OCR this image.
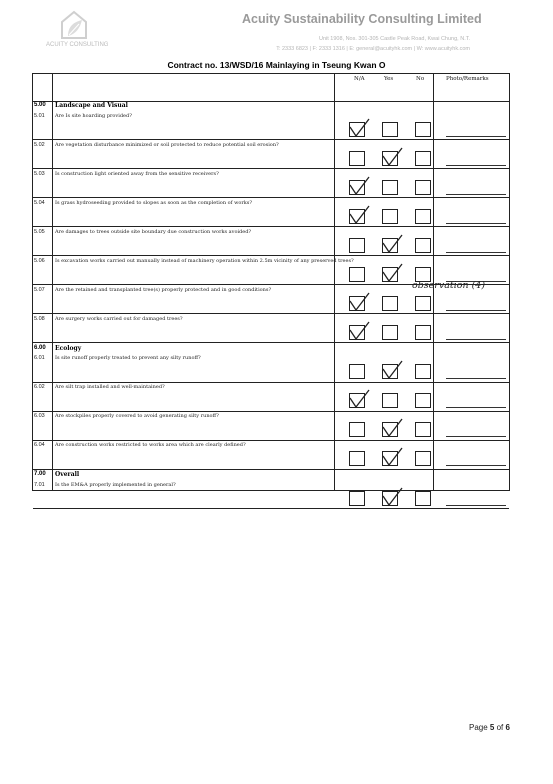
ACUITY CONSULTING
Acuity Sustainability Consulting Limited
Unit 1908, Nos. 301-305 Castle Peak Road, Kwai Chung, N.T.
T: 2333 6823 | F: 2333 1316 | E: general@acuityhk.com | W: www.acuityhk.com
Contract no. 13/WSD/16 Mainlaying in Tseung Kwan O
N/A	Yes	No	Photo/Remarks
5.00 Landscape and Visual
5.01 Are Is site hoarding provided?
5.02 Are vegetation disturbance minimized or soil protected to reduce potential soil erosion?
5.03 Is construction light oriented away from the sensitive receivers?
5.04 Is grass hydroseeding provided to slopes as soon as the completion of works?
5.05 Are damages to trees outside site boundary due construction works avoided?
5.06 Is excavation works carried out manually instead of machinery operation within 2.5m vicinity of any preserved trees?
5.07 Are the retained and transplanted tree(s) properly protected and in good conditions?
5.08 Are surgery works carried out for damaged trees?
6.00 Ecology
6.01 Is site runoff properly treated to prevent any silty runoff?
6.02 Are silt trap installed and well-maintained?
6.03 Are stockpiles properly covered to avoid generating silty runoff?
6.04 Are construction works restricted to works area which are clearly defined?
7.00 Overall
7.01 Is the EM&A properly implemented in general?
observation (4)
Page 5 of 6
